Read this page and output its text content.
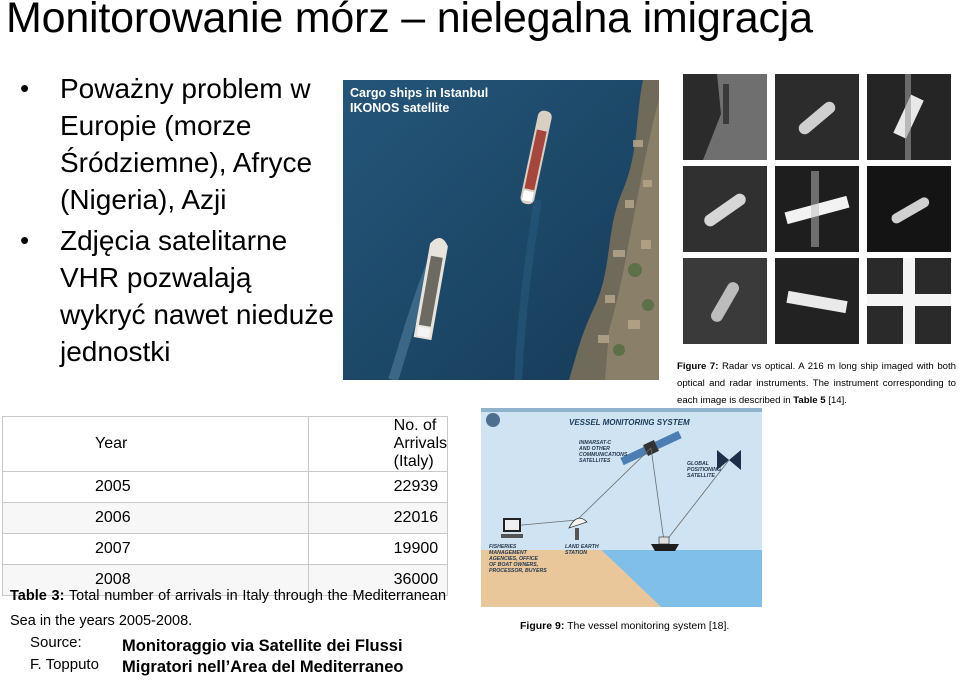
Monitorowanie mórz – nielegalna imigracja
• Poważny problem w Europie (morze Śródziemne), Afryce (Nigeria), Azji
• Zdjęcia satelitarne VHR pozwalają wykryć nawet nieduże jednostki
Cargo ships in Istanbul
IKONOS satellite
Figure 7: Radar vs optical. A 216 m long ship imaged with both optical and radar instruments. The instrument corresponding to each image is described in Table 5 [14].
Year	No. of Arrivals (Italy)
2005	22939
2006	22016
2007	19900
2008	36000
Table 3: Total number of arrivals in Italy through the Mediterranean Sea in the years 2005-2008.
Source:
F. Topputo
Monitoraggio via Satellite dei Flussi
Migratori nell’Area del Mediterraneo
VESSEL MONITORING SYSTEM
INMARSAT-C
AND OTHER
COMMUNICATIONS
SATELLITES	GLOBAL
POSITIONING
SATELLITE
FISHERIES
MANAGEMENT
AGENCIES, OFFICE
OF BOAT OWNERS,
PROCESSOR, BUYERS
LAND EARTH
STATION
Figure 9: The vessel monitoring system [18].
